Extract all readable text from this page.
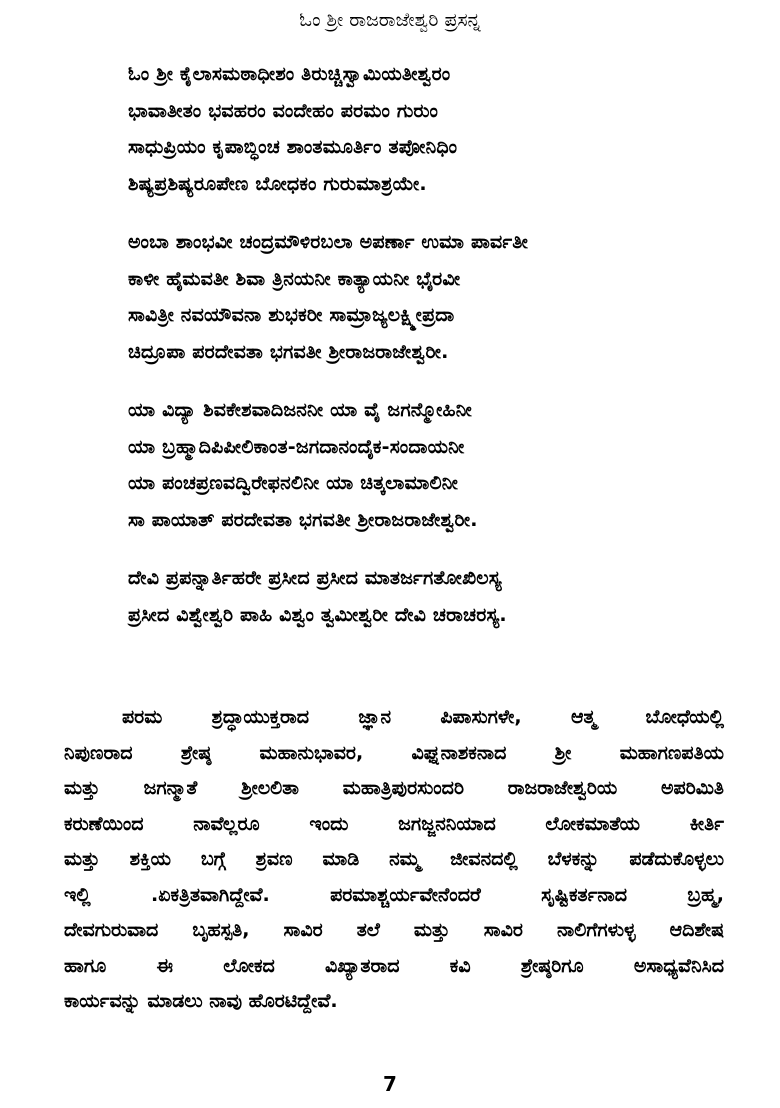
ಓಂ ಶ್ರೀ ರಾಜರಾಜೇಶ್ವರಿ ಪ್ರಸನ್ನ
ಓಂ ಶ್ರೀ ಕೈಲಾಸಮಠಾಧೀಶಂ ತಿರುಚ್ಚಿಸ್ವಾಮಿಯತೀಶ್ವರಂ
ಭಾವಾತೀತಂ ಭವಹರಂ ವಂದೇಹಂ ಪರಮಂ ಗುರುಂ
ಸಾಧುಪ್ರಿಯಂ ಕೃಪಾಬ್ಧಿಂಚ ಶಾಂತಮೂರ್ತಿಂ ತಪೋನಿಧಿಂ
ಶಿಷ್ಯಪ್ರಶಿಷ್ಯರೂಪೇಣ ಬೋಧಕಂ ಗುರುಮಾಶ್ರಯೇ.
ಅಂಬಾ ಶಾಂಭವೀ ಚಂದ್ರಮೌಳಿರಬಲಾ ಅಪರ್ಣಾ ಉಮಾ ಪಾರ್ವತೀ
ಕಾಳೀ ಹೈಮವತೀ ಶಿವಾ ತ್ರಿನಯನೀ ಕಾತ್ಯಾಯನೀ ಭೈರವೀ
ಸಾವಿತ್ರೀ ನವಯೌವನಾ ಶುಭಕರೀ ಸಾಮ್ರಾಜ್ಯಲಕ್ಷ್ಮೀಪ್ರದಾ
ಚಿದ್ರೂಪಾ ಪರದೇವತಾ ಭಗವತೀ ಶ್ರೀರಾಜರಾಜೇಶ್ವರೀ.
ಯಾ ವಿದ್ಯಾ ಶಿವಕೇಶವಾದಿಜನನೀ ಯಾ ವೈ ಜಗನ್ಮೋಹಿನೀ
ಯಾ ಬ್ರಹ್ಮಾದಿಪಿಪೀಲಿಕಾಂತ-ಜಗದಾನಂದೈಕ-ಸಂದಾಯನೀ
ಯಾ ಪಂಚಪ್ರಣವದ್ವಿರೇಫನಲಿನೀ ಯಾ ಚಿತ್ಕಲಾಮಾಲಿನೀ
ಸಾ ಪಾಯಾತ್ ಪರದೇವತಾ ಭಗವತೀ ಶ್ರೀರಾಜರಾಜೇಶ್ವರೀ.
ದೇವಿ ಪ್ರಪನ್ನಾರ್ತಿಹರೇ ಪ್ರಸೀದ ಪ್ರಸೀದ ಮಾತರ್ಜಗತೋಖಿಲಸ್ಯ
ಪ್ರಸೀದ ವಿಶ್ವೇಶ್ವರಿ ಪಾಹಿ ವಿಶ್ವಂ ತ್ವಮೀಶ್ವರೀ ದೇವಿ ಚರಾಚರಸ್ಯ.
ಪರಮ ಶ್ರದ್ಧಾಯುಕ್ತರಾದ ಜ್ಞಾನ ಪಿಪಾಸುಗಳೇ, ಆತ್ಮ ಬೋಧೆಯಲ್ಲಿ
ನಿಪುಣರಾದ ಶ್ರೇಷ್ಠ ಮಹಾನುಭಾವರ, ವಿಘ್ನನಾಶಕನಾದ ಶ್ರೀ ಮಹಾಗಣಪತಿಯ
ಮತ್ತು ಜಗನ್ಮಾತೆ ಶ್ರೀಲಲಿತಾ ಮಹಾತ್ರಿಪುರಸುಂದರಿ ರಾಜರಾಜೇಶ್ವರಿಯ ಅಪರಿಮಿತಿ
ಕರುಣೆಯಿಂದ ನಾವೆಲ್ಲರೂ ಇಂದು ಜಗಜ್ಜನನಿಯಾದ ಲೋಕಮಾತೆಯ ಕೀರ್ತಿ
ಮತ್ತು ಶಕ್ತಿಯ ಬಗ್ಗೆ ಶ್ರವಣ ಮಾಡಿ ನಮ್ಮ ಜೀವನದಲ್ಲಿ ಬೆಳಕನ್ನು ಪಡೆದುಕೊಳ್ಳಲು
ಇಲ್ಲಿ .ಏಕತ್ರಿತವಾಗಿದ್ದೇವೆ. ಪರಮಾಶ್ಚರ್ಯವೇನೆಂದರೆ ಸೃಷ್ಟಿಕರ್ತನಾದ ಬ್ರಹ್ಮ,
ದೇವಗುರುವಾದ ಬೃಹಸ್ಪತಿ, ಸಾವಿರ ತಲೆ ಮತ್ತು ಸಾವಿರ ನಾಲಿಗೆಗಳುಳ್ಳ ಆದಿಶೇಷ
ಹಾಗೂ ಈ ಲೋಕದ ವಿಖ್ಯಾತರಾದ ಕವಿ ಶ್ರೇಷ್ಠರಿಗೂ ಅಸಾಧ್ಯವೆನಿಸಿದ
ಕಾರ್ಯವನ್ನು ಮಾಡಲು ನಾವು ಹೊರಟಿದ್ದೇವೆ.
7
